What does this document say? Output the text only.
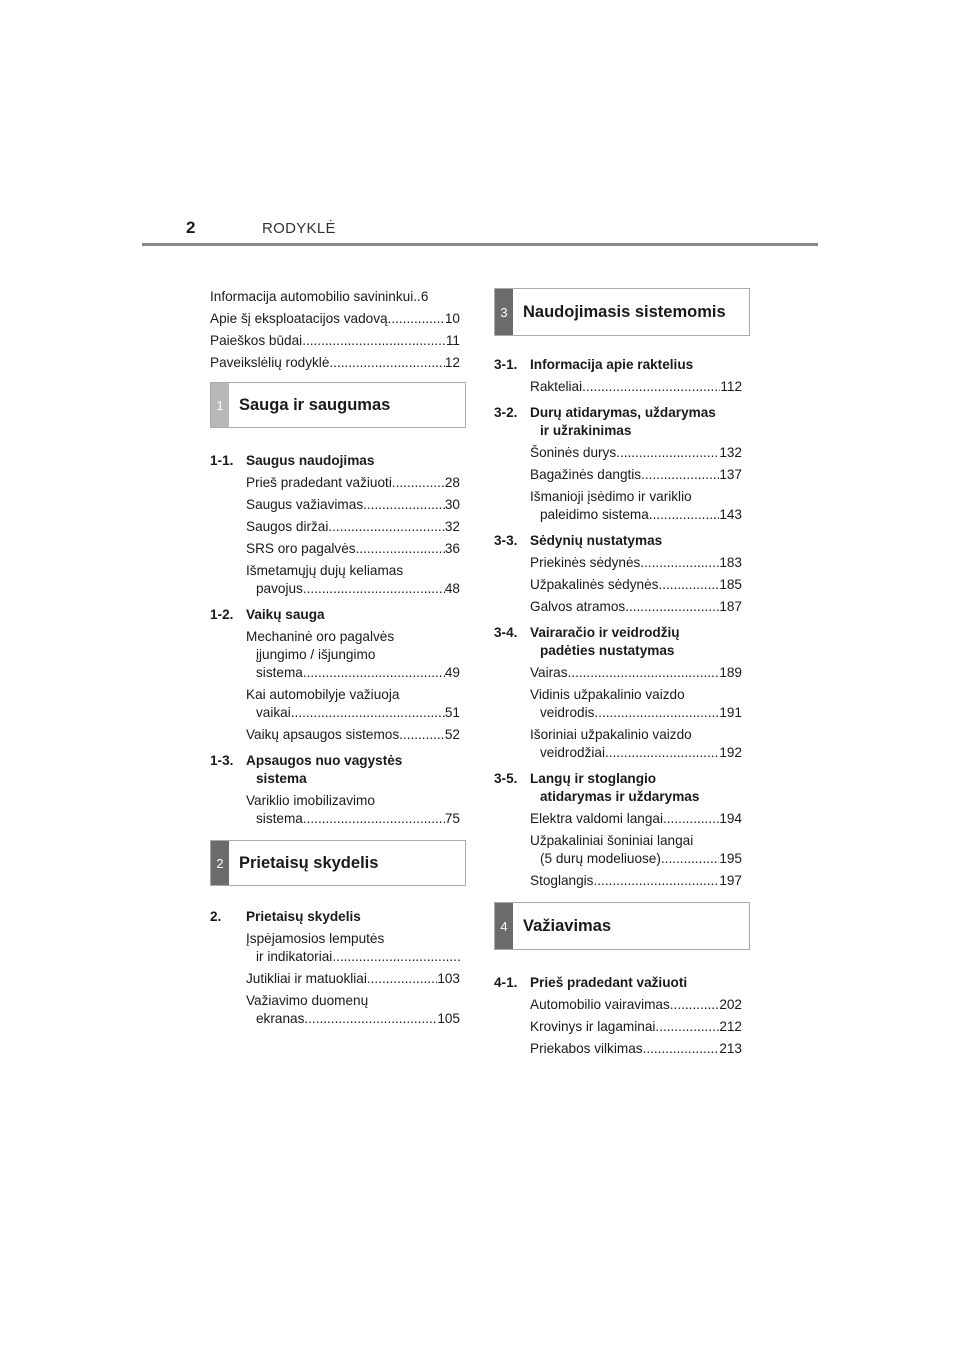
2	RODYKLĖ
Informacija automobilio savininkui .. 6
Apie šį eksploatacijos vadovą .....	10
Paieškos būdai .....	11
Paveikslėlių rodyklė .....	12
1 Sauga ir saugumas
1-1. Saugus naudojimas
Prieš pradedant važiuoti .....	28
Saugus važiavimas .....	30
Saugos diržai .....	32
SRS oro pagalvės .....	36
Išmetamųjų dujų keliamas
pavojus .....	48
1-2. Vaikų sauga
Mechaninė oro pagalvės
įjungimo / išjungimo
sistema .....	49
Kai automobilyje važiuoja
vaikai .....	51
Vaikų apsaugos sistemos .....	52
1-3. Apsaugos nuo vagystės
sistema
Variklio imobilizavimo
sistema .....	75
2 Prietaisų skydelis
2.	Prietaisų skydelis
Įspėjamosios lemputės
ir indikatoriai
.....
Jutikliai ir matuokliai .....	103
Važiavimo duomenų
ekranas .....	105
3 Naudojimasis sistemomis
3-1. Informacija apie raktelius
Rakteliai .....	112
3-2. Durų atidarymas, uždarymas
ir užrakinimas
Šoninės durys .....	132
Bagažinės dangtis .....	137
Išmanioji įsėdimo ir variklio
paleidimo sistema .....	143
3-3. Sėdynių nustatymas
Priekinės sėdynės .....	183
Užpakalinės sėdynės .....	185
Galvos atramos .....	187
3-4. Vairaračio ir veidrodžių
padėties nustatymas
Vairas .....	189
Vidinis užpakalinio vaizdo
veidrodis .....	191
Išoriniai užpakalinio vaizdo
veidrodžiai .....	192
3-5. Langų ir stoglangio
atidarymas ir uždarymas
Elektra valdomi langai .....	194
Užpakaliniai šoniniai langai
(5 durų modeliuose) .....	195
Stoglangis .....	197
4 Važiavimas
4-1. Prieš pradedant važiuoti
Automobilio vairavimas .....	202
Krovinys ir lagaminai .....	212
Priekabos vilkimas .....	213
